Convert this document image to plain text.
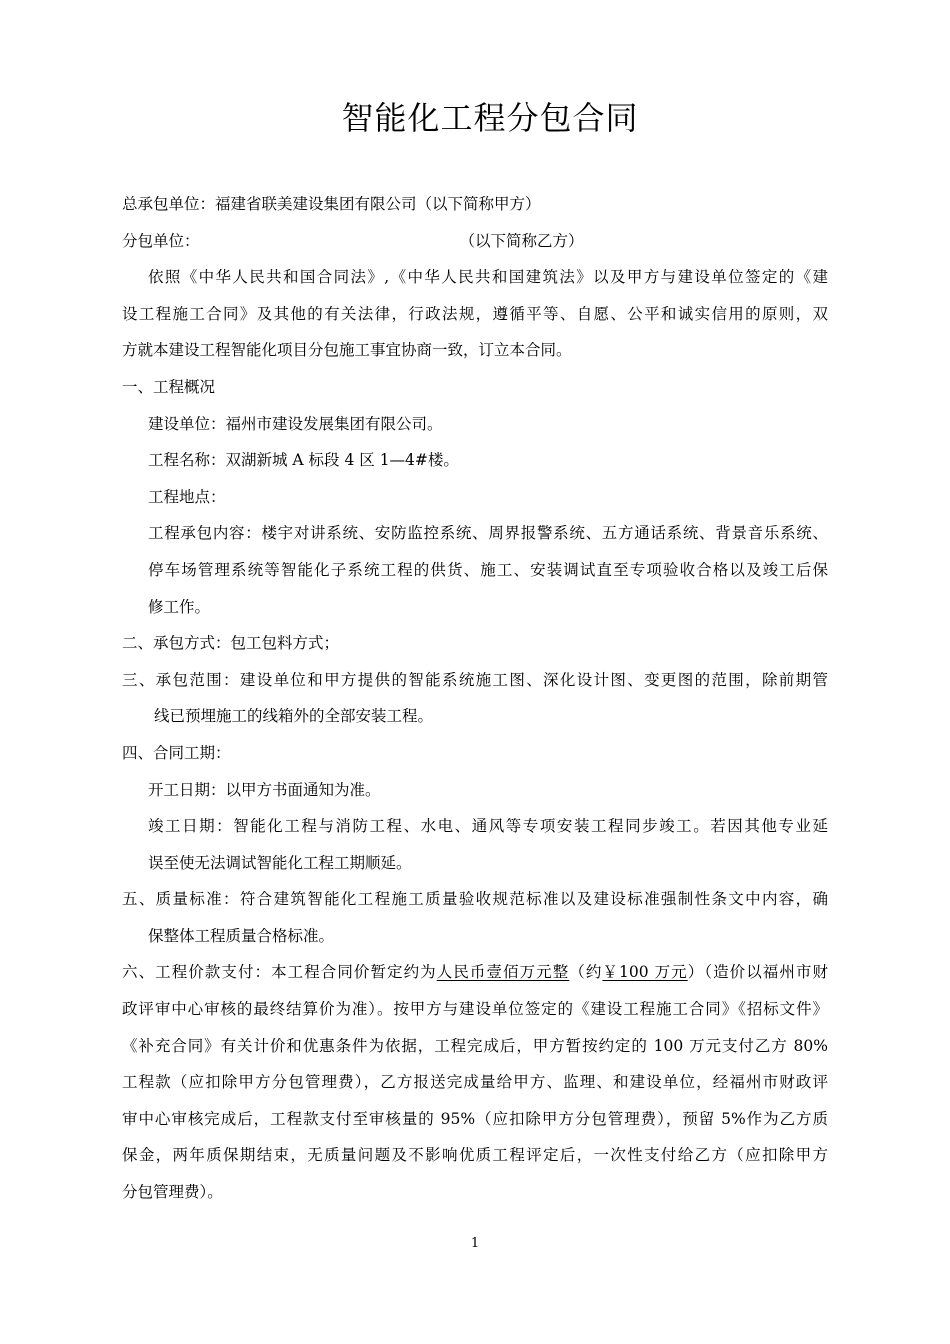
智能化工程分包合同
总承包单位：福建省联美建设集团有限公司（以下简称甲方）
分包单位：	（以下简称乙方）
依照《中华人民共和国合同法》,《中华人民共和国建筑法》以及甲方与建设单位签定的《建
设工程施工合同》及其他的有关法律，行政法规，遵循平等、自愿、公平和诚实信用的原则，双
方就本建设工程智能化项目分包施工事宜协商一致，订立本合同。
一、工程概况
建设单位：福州市建设发展集团有限公司。
工程名称：双湖新城 A 标段 4 区 1—4#楼。
工程地点：
工程承包内容：楼宇对讲系统、安防监控系统、周界报警系统、五方通话系统、背景音乐系统、
停车场管理系统等智能化子系统工程的供货、施工、安装调试直至专项验收合格以及竣工后保
修工作。
二、承包方式：包工包料方式；
三、承包范围：建设单位和甲方提供的智能系统施工图、深化设计图、变更图的范围，除前期管
线已预埋施工的线箱外的全部安装工程。
四、合同工期：
开工日期：以甲方书面通知为准。
竣工日期：智能化工程与消防工程、水电、通风等专项安装工程同步竣工。若因其他专业延
误至使无法调试智能化工程工期顺延。
五、质量标准：符合建筑智能化工程施工质量验收规范标准以及建设标准强制性条文中内容，确
保整体工程质量合格标准。
六、工程价款支付：本工程合同价暂定约为人民币壹佰万元整（约￥100 万元）（造价以福州市财
政评审中心审核的最终结算价为准）。按甲方与建设单位签定的《建设工程施工合同》《招标文件》
《补充合同》有关计价和优惠条件为依据，工程完成后，甲方暂按约定的 100 万元支付乙方 80%
工程款（应扣除甲方分包管理费），乙方报送完成量给甲方、监理、和建设单位，经福州市财政评
审中心审核完成后，工程款支付至审核量的 95%（应扣除甲方分包管理费），预留 5%作为乙方质
保金，两年质保期结束，无质量问题及不影响优质工程评定后，一次性支付给乙方（应扣除甲方
分包管理费）。
1
